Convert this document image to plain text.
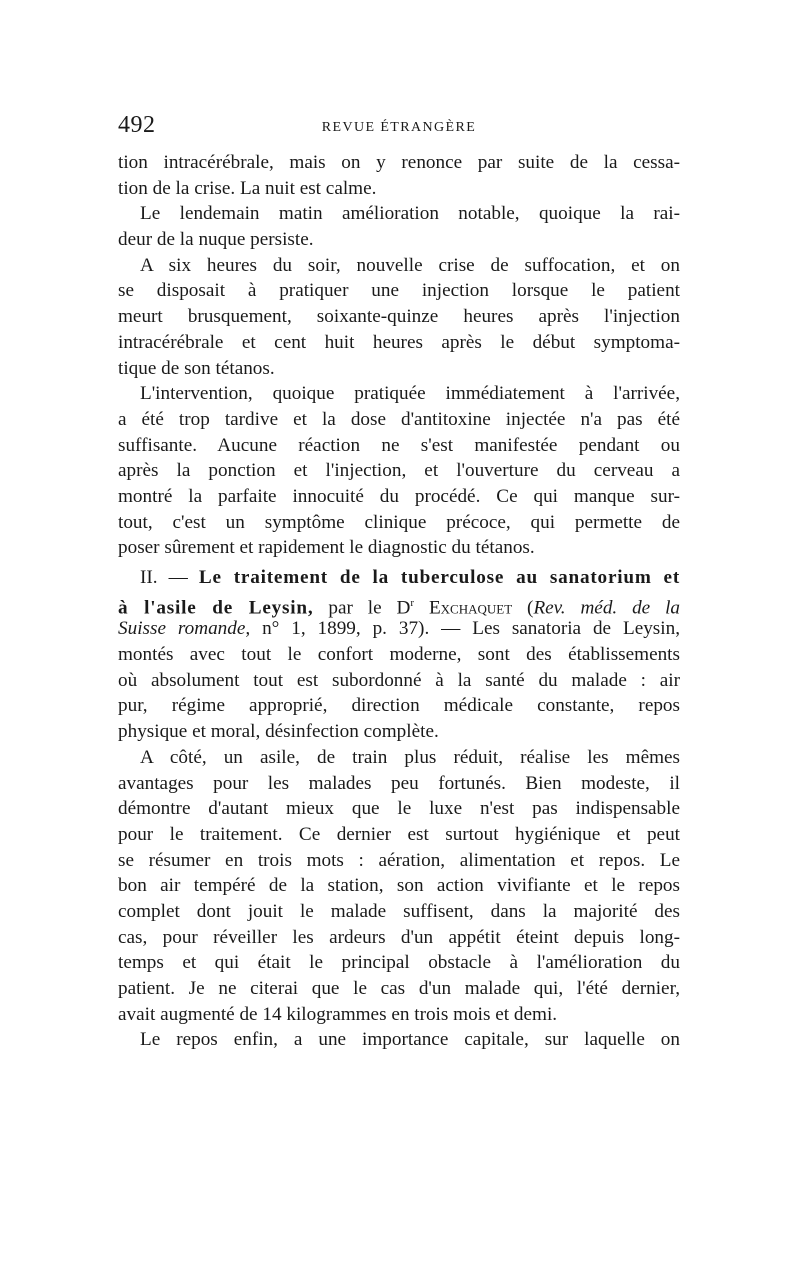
492	REVUE ÉTRANGÈRE
tion intracérébrale, mais on y renonce par suite de la cessa-
tion de la crise. La nuit est calme.
Le lendemain matin amélioration notable, quoique la rai-
deur de la nuque persiste.
A six heures du soir, nouvelle crise de suffocation, et on
se disposait à pratiquer une injection lorsque le patient
meurt brusquement, soixante-quinze heures après l'injection
intracérébrale et cent huit heures après le début symptoma-
tique de son tétanos.
L'intervention, quoique pratiquée immédiatement à l'arrivée,
a été trop tardive et la dose d'antitoxine injectée n'a pas été
suffisante. Aucune réaction ne s'est manifestée pendant ou
après la ponction et l'injection, et l'ouverture du cerveau a
montré la parfaite innocuité du procédé. Ce qui manque sur-
tout, c'est un symptôme clinique précoce, qui permette de
poser sûrement et rapidement le diagnostic du tétanos.
II. — Le traitement de la tuberculose au sanatorium et
à l'asile de Leysin, par le $D^r$ Exchaquet (Rev. méd. de la
Suisse romande, n° 1, 1899, p. 37). — Les sanatoria de Leysin,
montés avec tout le confort moderne, sont des établissements
où absolument tout est subordonné à la santé du malade : air
pur, régime approprié, direction médicale constante, repos
physique et moral, désinfection complète.
A côté, un asile, de train plus réduit, réalise les mêmes
avantages pour les malades peu fortunés. Bien modeste, il
démontre d'autant mieux que le luxe n'est pas indispensable
pour le traitement. Ce dernier est surtout hygiénique et peut
se résumer en trois mots : aération, alimentation et repos. Le
bon air tempéré de la station, son action vivifiante et le repos
complet dont jouit le malade suffisent, dans la majorité des
cas, pour réveiller les ardeurs d'un appétit éteint depuis long-
temps et qui était le principal obstacle à l'amélioration du
patient. Je ne citerai que le cas d'un malade qui, l'été dernier,
avait augmenté de 14 kilogrammes en trois mois et demi.
Le repos enfin, a une importance capitale, sur laquelle on
